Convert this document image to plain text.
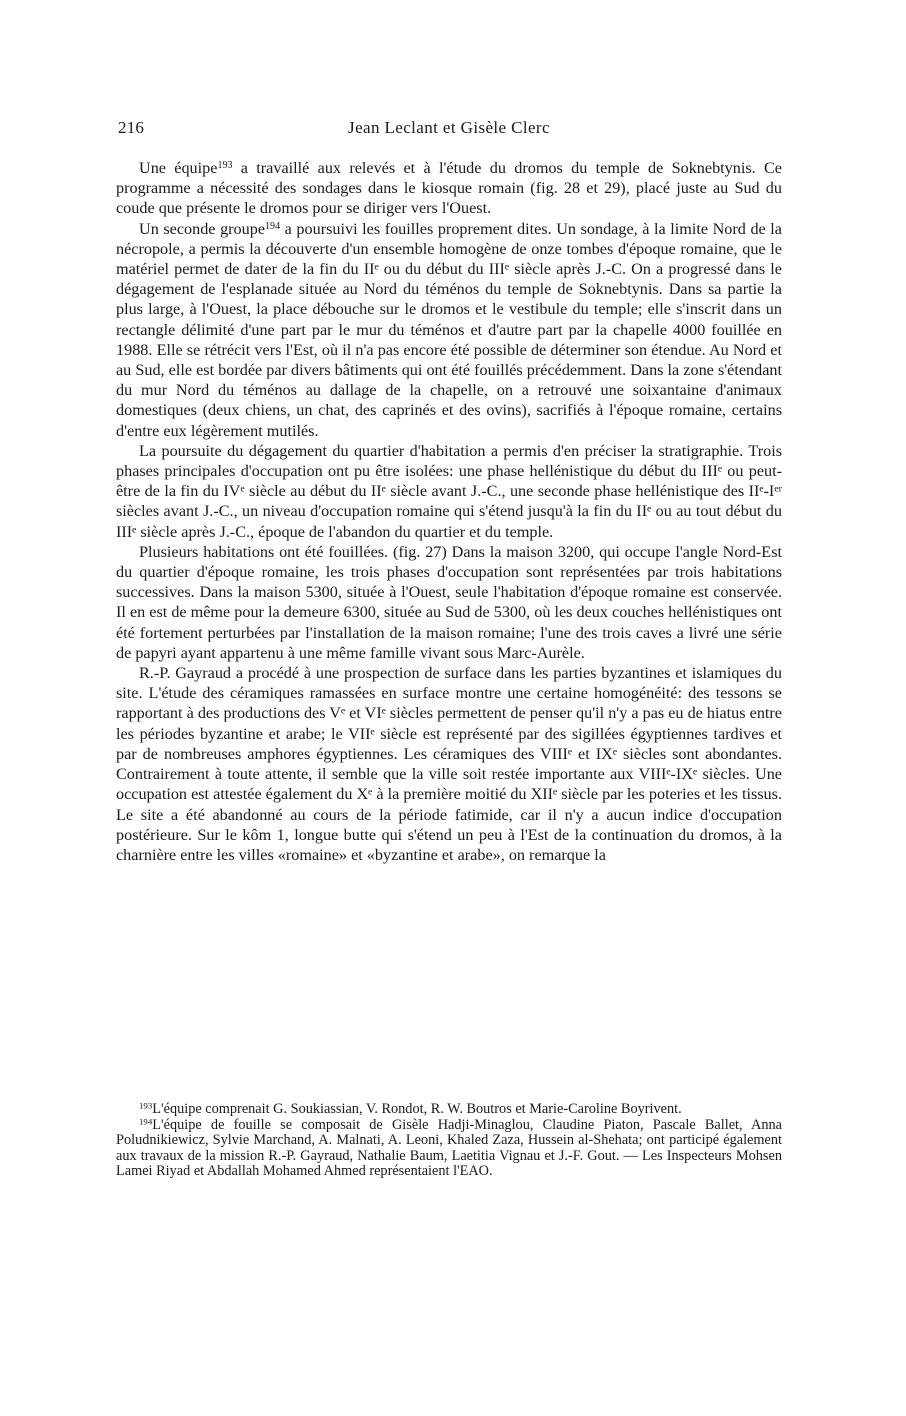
216	Jean Leclant et Gisèle Clerc

Une équipe$^{193}$ a travaillé aux relevés et à l'étude du dromos du temple de Soknebtynis. Ce programme a nécessité des sondages dans le kiosque romain (fig. 28 et 29), placé juste au Sud du coude que présente le dromos pour se diriger vers l'Ouest.

Un seconde groupe$^{194}$ a poursuivi les fouilles proprement dites. Un sondage, à la limite Nord de la nécropole, a permis la découverte d'un ensemble homogène de onze tombes d'époque romaine, que le matériel permet de dater de la fin du IIᵉ ou du début du IIIᵉ siècle après J.-C. On a progressé dans le dégagement de l'esplanade située au Nord du téménos du temple de Soknebtynis. Dans sa partie la plus large, à l'Ouest, la place débouche sur le dromos et le vestibule du temple; elle s'inscrit dans un rectangle délimité d'une part par le mur du téménos et d'autre part par la chapelle 4000 fouillée en 1988. Elle se rétrécit vers l'Est, où il n'a pas encore été possible de déterminer son étendue. Au Nord et au Sud, elle est bordée par divers bâtiments qui ont été fouillés précédemment. Dans la zone s'étendant du mur Nord du téménos au dallage de la chapelle, on a retrouvé une soixantaine d'animaux domestiques (deux chiens, un chat, des caprinés et des ovins), sacrifiés à l'époque romaine, certains d'entre eux légèrement mutilés.

La poursuite du dégagement du quartier d'habitation a permis d'en préciser la stratigraphie. Trois phases principales d'occupation ont pu être isolées: une phase hellénistique du début du IIIᵉ ou peut-être de la fin du IVᵉ siècle au début du IIᵉ siècle avant J.-C., une seconde phase hellénistique des IIᵉ-Iᵉʳ siècles avant J.-C., un niveau d'occupation romaine qui s'étend jusqu'à la fin du IIᵉ ou au tout début du IIIᵉ siècle après J.-C., époque de l'abandon du quartier et du temple.

Plusieurs habitations ont été fouillées. (fig. 27) Dans la maison 3200, qui occupe l'angle Nord-Est du quartier d'époque romaine, les trois phases d'occupation sont représentées par trois habitations successives. Dans la maison 5300, située à l'Ouest, seule l'habitation d'époque romaine est conservée. Il en est de même pour la demeure 6300, située au Sud de 5300, où les deux couches hellénistiques ont été fortement perturbées par l'installation de la maison romaine; l'une des trois caves a livré une série de papyri ayant appartenu à une même famille vivant sous Marc-Aurèle.

R.-P. Gayraud a procédé à une prospection de surface dans les parties byzantines et islamiques du site. L'étude des céramiques ramassées en surface montre une certaine homogénéité: des tessons se rapportant à des productions des Vᵉ et VIᵉ siècles permettent de penser qu'il n'y a pas eu de hiatus entre les périodes byzantine et arabe; le VIIᵉ siècle est représenté par des sigillées égyptiennes tardives et par de nombreuses amphores égyptiennes. Les céramiques des VIIIᵉ et IXᵉ siècles sont abondantes. Contrairement à toute attente, il semble que la ville soit restée importante aux VIIIᵉ-IXᵉ siècles. Une occupation est attestée également du Xᵉ à la première moitié du XIIᵉ siècle par les poteries et les tissus. Le site a été abandonné au cours de la période fatimide, car il n'y a aucun indice d'occupation postérieure. Sur le kôm 1, longue butte qui s'étend un peu à l'Est de la continuation du dromos, à la charnière entre les villes «romaine» et «byzantine et arabe», on remarque la

$^{193}$L'équipe comprenait G. Soukiassian, V. Rondot, R. W. Boutros et Marie-Caroline Boyrivent.

$^{194}$L'équipe de fouille se composait de Gisèle Hadji-Minaglou, Claudine Piaton, Pascale Ballet, Anna Poludnikiewicz, Sylvie Marchand, A. Malnati, A. Leoni, Khaled Zaza, Hussein al-Shehata; ont participé également aux travaux de la mission R.-P. Gayraud, Nathalie Baum, Laetitia Vignau et J.-F. Gout. — Les Inspecteurs Mohsen Lamei Riyad et Abdallah Mohamed Ahmed représentaient l'EAO.
